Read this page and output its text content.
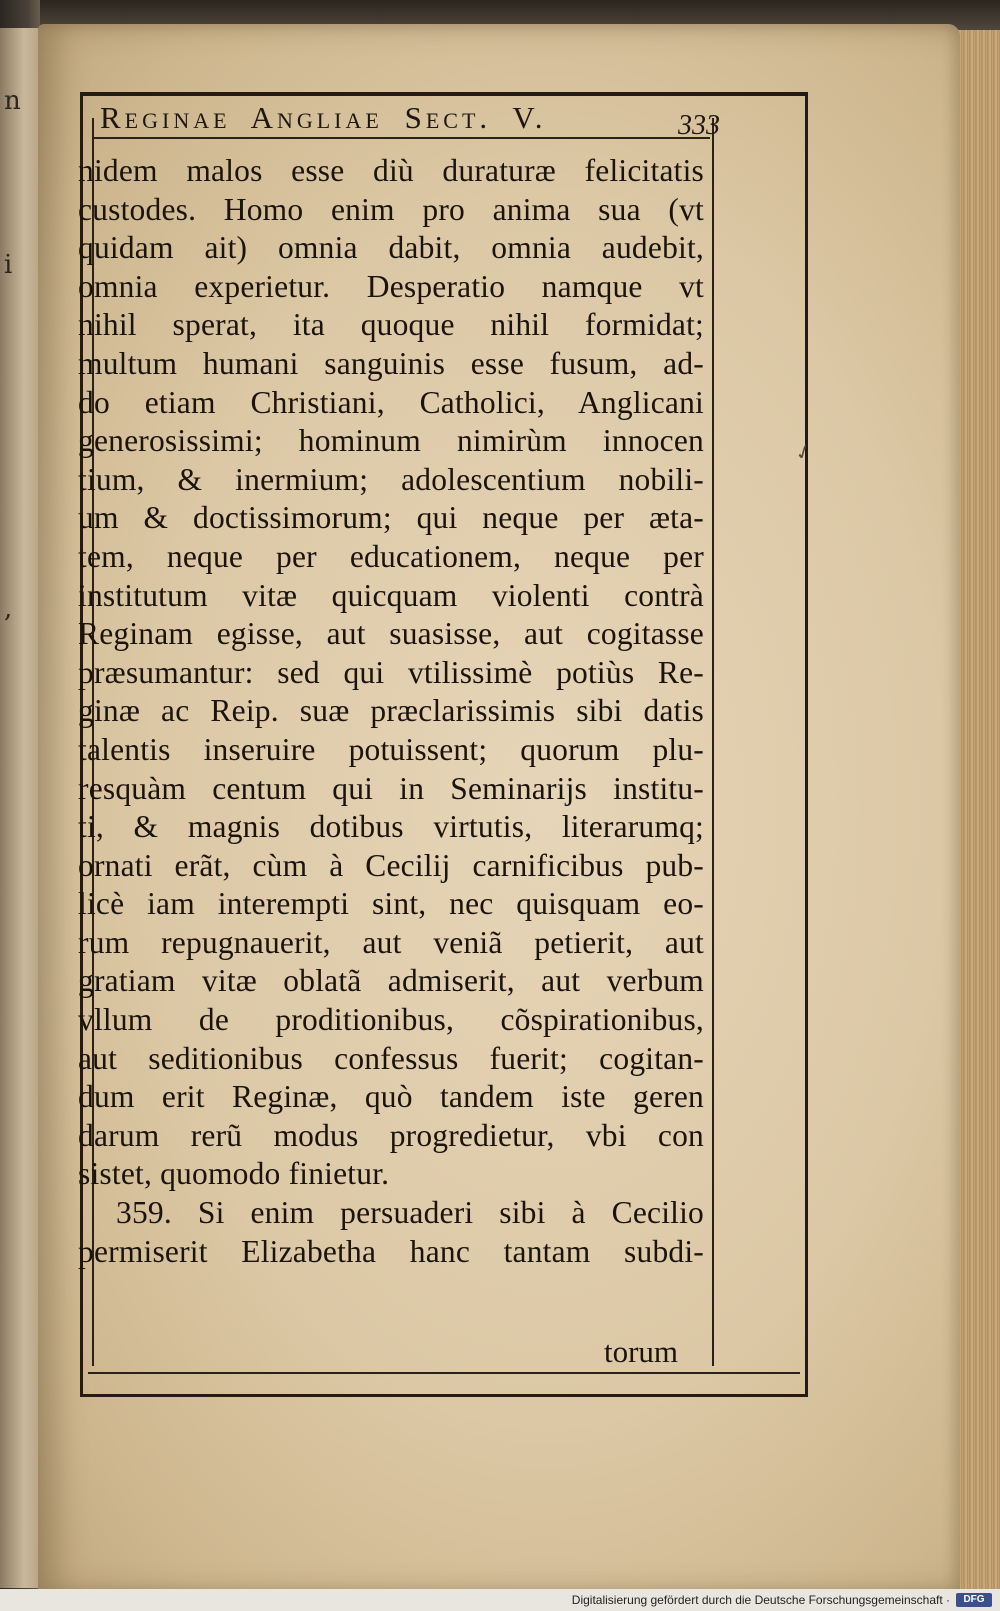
n
i
,
Reginae Angliae Sect. V.	333
nidem malos esse diù duraturæ felicitatis
custodes. Homo enim pro anima sua (vt
quidam ait) omnia dabit, omnia audebit,
omnia experietur. Desperatio namque vt
nihil sperat, ita quoque nihil formidat;
multum humani sanguinis esse fusum, ad-
do etiam Christiani, Catholici, Anglicani
generosissimi; hominum nimirùm innocen
tium, & inermium; adolescentium nobili-
um & doctissimorum; qui neque per æta-
tem, neque per educationem, neque per
institutum vitæ quicquam violenti contrà
Reginam egisse, aut suasisse, aut cogitasse
præsumantur: sed qui vtilissimè potiùs Re-
ginæ ac Reip. suæ præclarissimis sibi datis
talentis inseruire potuissent; quorum plu-
resquàm centum qui in Seminarijs institu-
ti, & magnis dotibus virtutis, literarumq;
ornati erãt, cùm à Cecilij carnificibus pub-
licè iam interempti sint, nec quisquam eo-
rum repugnauerit, aut veniã petierit, aut
gratiam vitæ oblatã admiserit, aut verbum
vllum de proditionibus, cõspirationibus,
aut seditionibus confessus fuerit; cogitan-
dum erit Reginæ, quò tandem iste geren
darum rerũ modus progredietur, vbi con
sistet, quomodo finietur.
359. Si enim persuaderi sibi à Cecilio
permiserit Elizabetha hanc tantam subdi-
torum
✓
Digitalisierung gefördert durch die Deutsche Forschungsgemeinschaft ·	DFG
